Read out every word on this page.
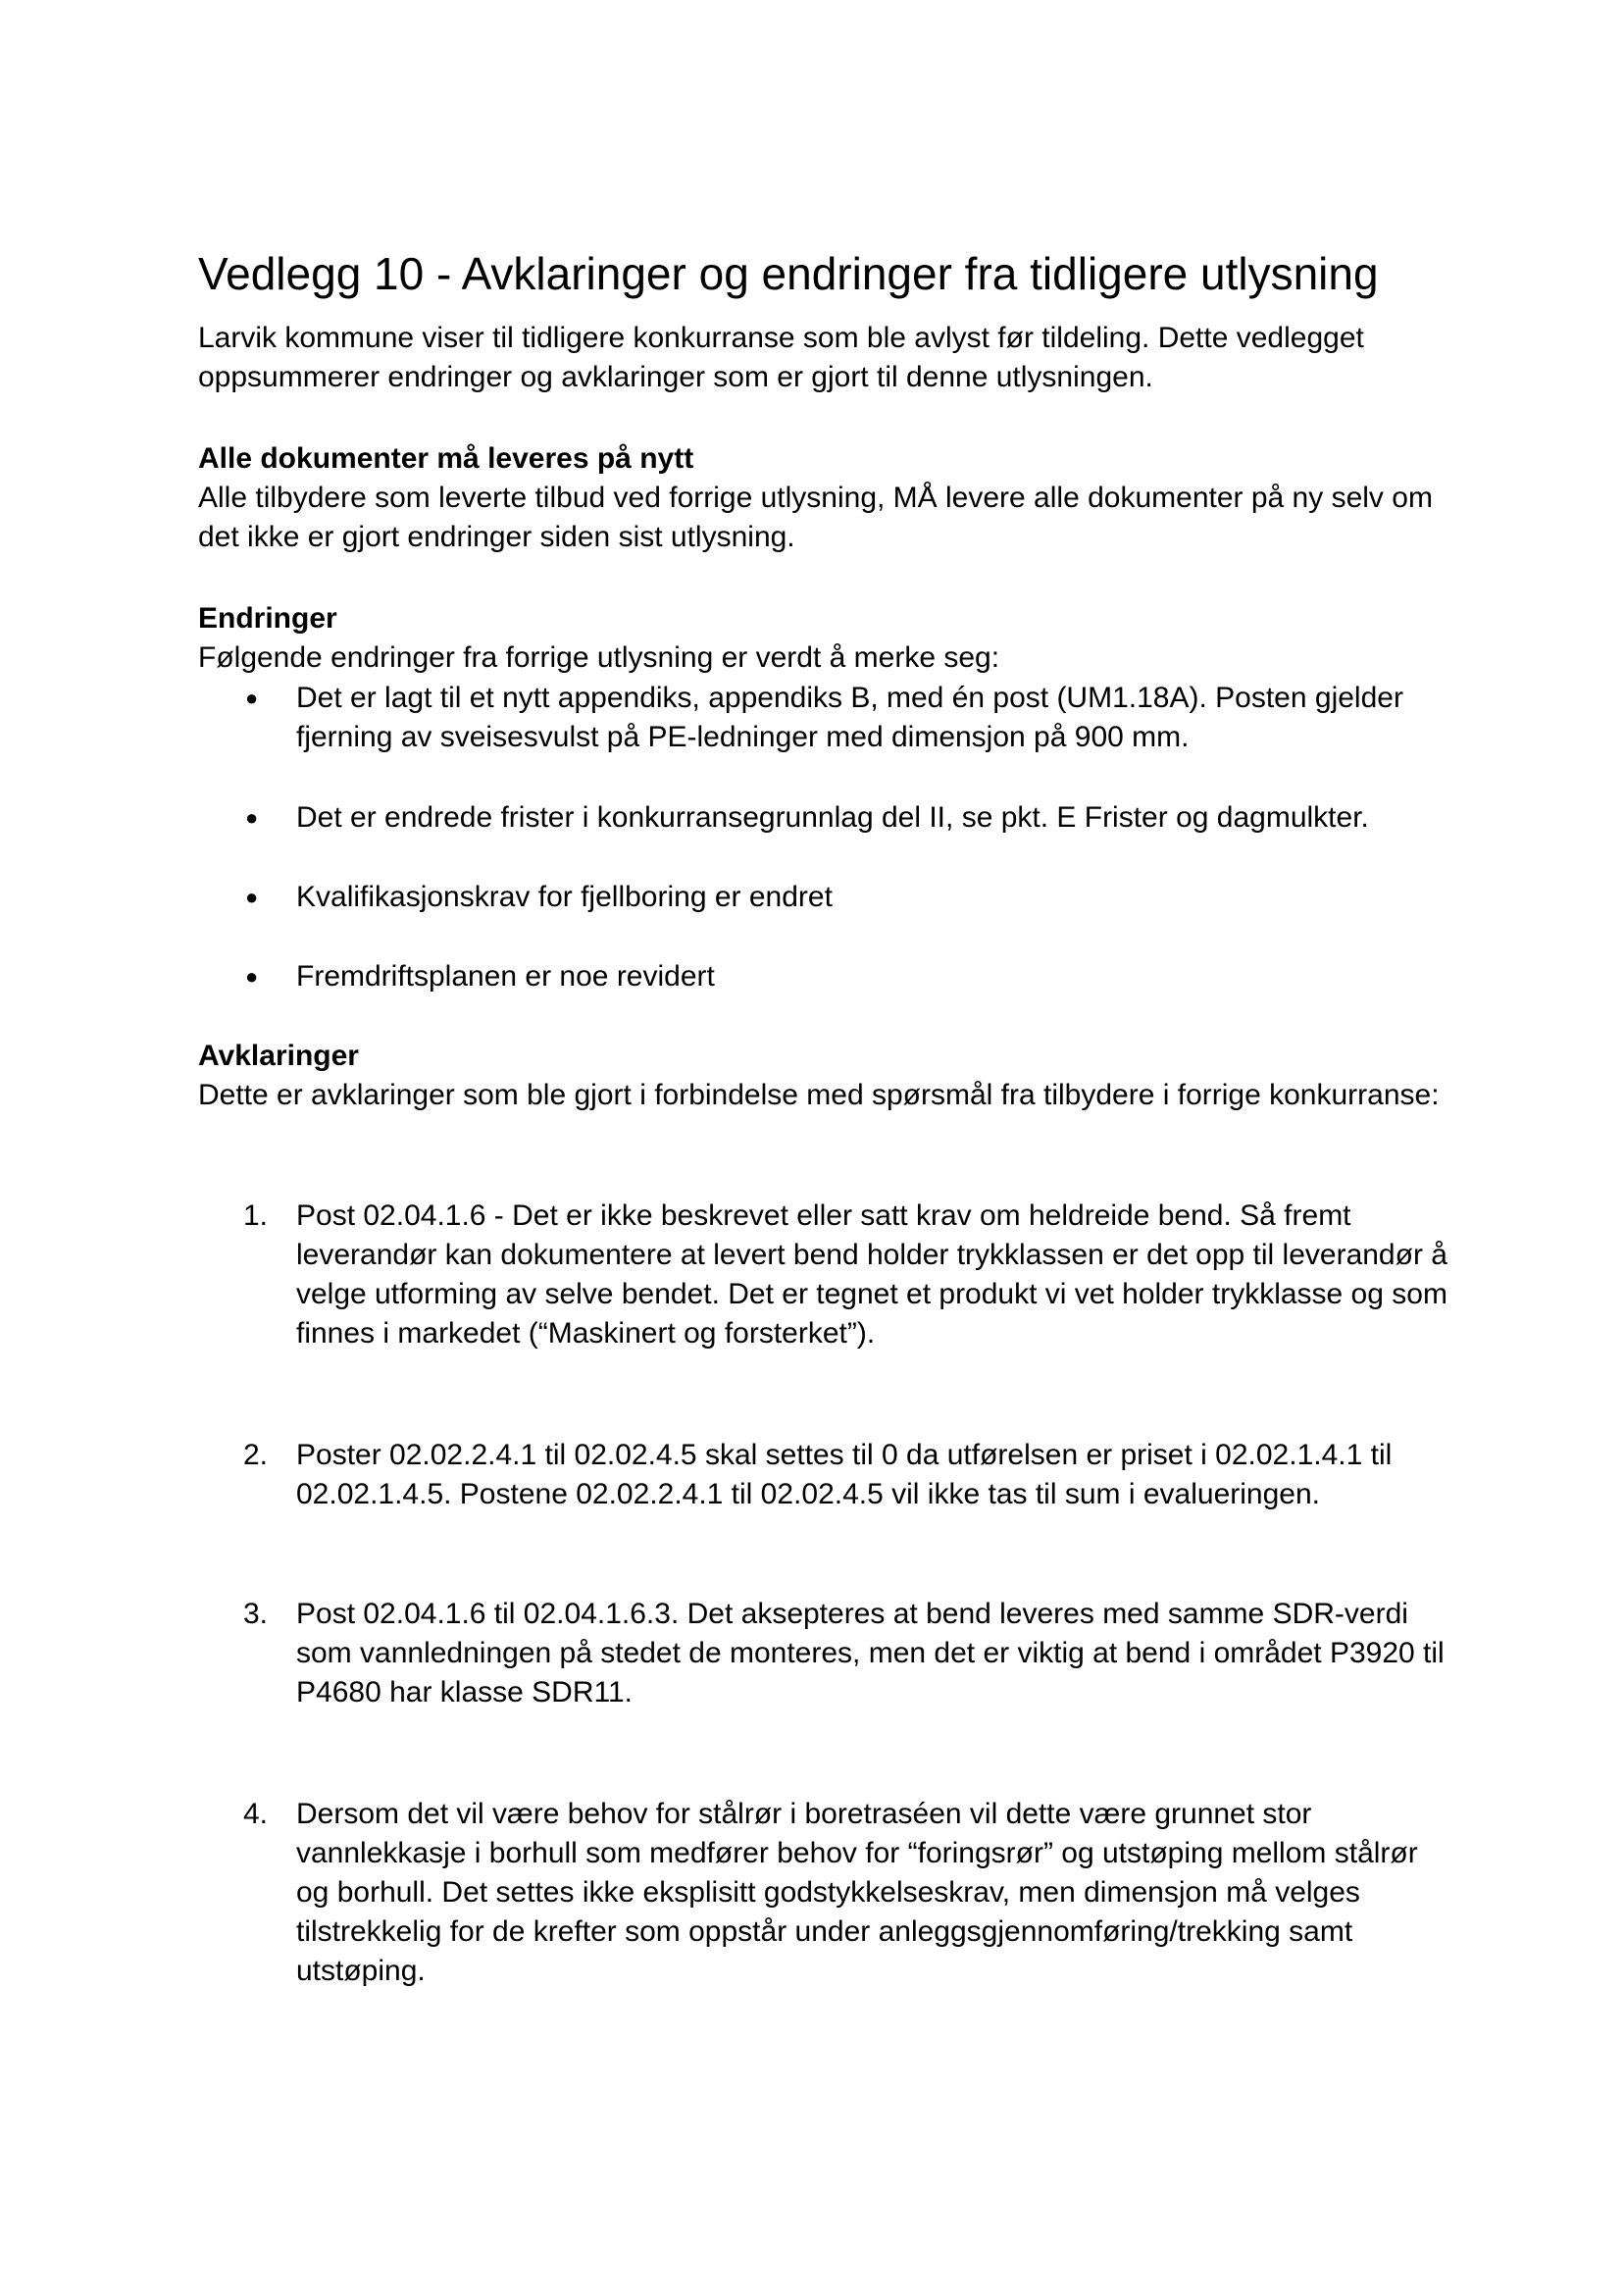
Vedlegg 10 - Avklaringer og endringer fra tidligere utlysning

Larvik kommune viser til tidligere konkurranse som ble avlyst før tildeling. Dette vedlegget oppsummerer endringer og avklaringer som er gjort til denne utlysningen.

Alle dokumenter må leveres på nytt

Alle tilbydere som leverte tilbud ved forrige utlysning, MÅ levere alle dokumenter på ny selv om det ikke er gjort endringer siden sist utlysning.

Endringer

Følgende endringer fra forrige utlysning er verdt å merke seg:

● Det er lagt til et nytt appendiks, appendiks B, med én post (UM1.18A). Posten gjelder fjerning av sveisesvulst på PE-ledninger med dimensjon på 900 mm.

● Det er endrede frister i konkurransegrunnlag del II, se pkt. E Frister og dagmulkter.

● Kvalifikasjonskrav for fjellboring er endret

● Fremdriftsplanen er noe revidert

Avklaringer

Dette er avklaringer som ble gjort i forbindelse med spørsmål fra tilbydere i forrige konkurranse:

1. Post 02.04.1.6 - Det er ikke beskrevet eller satt krav om heldreide bend. Så fremt leverandør kan dokumentere at levert bend holder trykklassen er det opp til leverandør å velge utforming av selve bendet. Det er tegnet et produkt vi vet holder trykklasse og som finnes i markedet (“Maskinert og forsterket”).

2. Poster 02.02.2.4.1 til 02.02.4.5 skal settes til 0 da utførelsen er priset i 02.02.1.4.1 til 02.02.1.4.5. Postene 02.02.2.4.1 til 02.02.4.5 vil ikke tas til sum i evalueringen.

3. Post 02.04.1.6 til 02.04.1.6.3. Det aksepteres at bend leveres med samme SDR-verdi som vannledningen på stedet de monteres, men det er viktig at bend i området P3920 til P4680 har klasse SDR11.

4. Dersom det vil være behov for stålrør i boretraséen vil dette være grunnet stor vannlekkasje i borhull som medfører behov for “foringsrør” og utstøping mellom stålrør og borhull. Det settes ikke eksplisitt godstykkelseskrav, men dimensjon må velges tilstrekkelig for de krefter som oppstår under anleggsgjennomføring/trekking samt utstøping.
